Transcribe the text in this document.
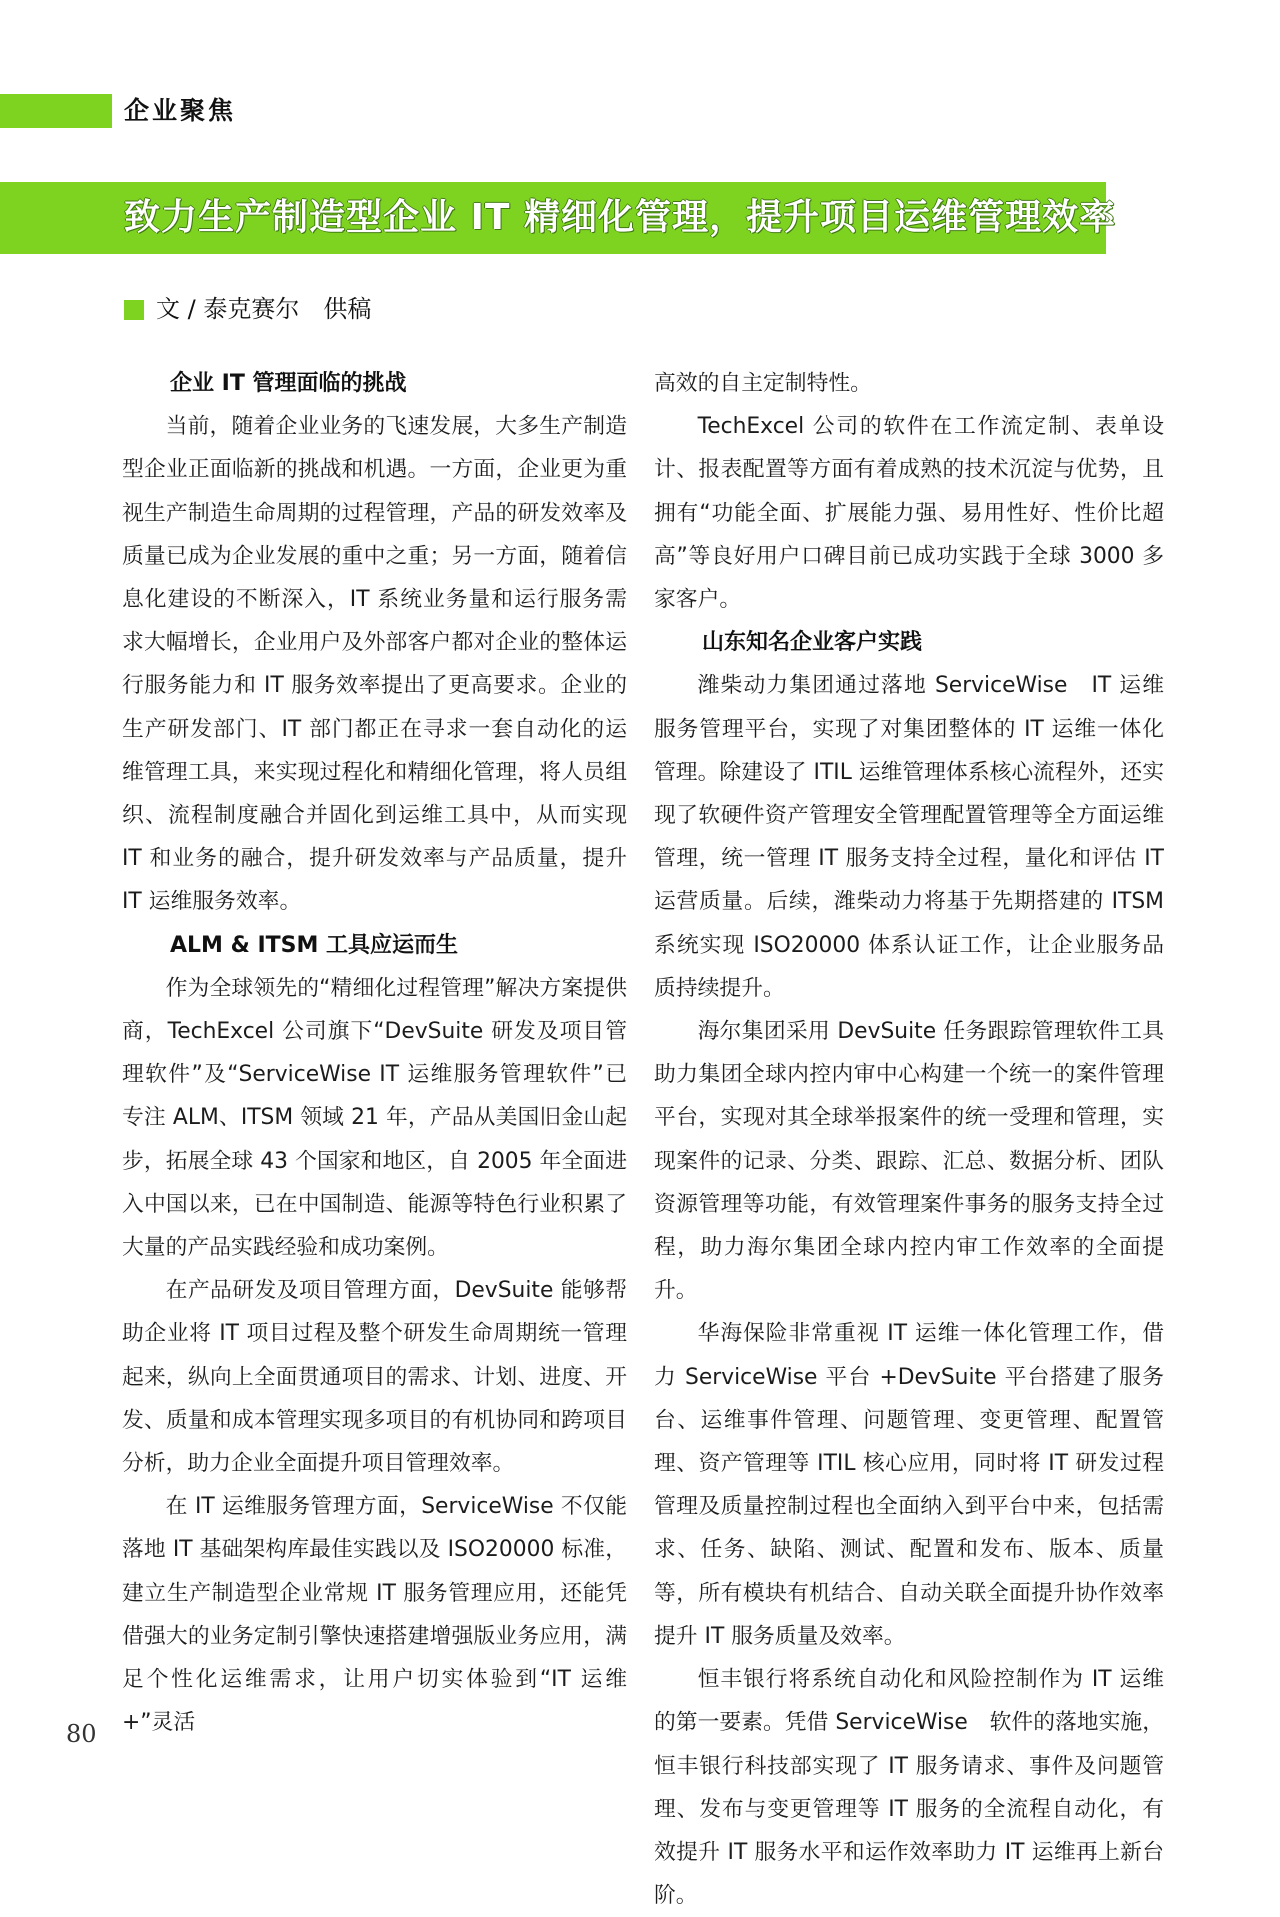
企业聚焦
致力生产制造型企业 IT 精细化管理，提升项目运维管理效率
文 / 泰克赛尔　供稿
企业 IT 管理面临的挑战

当前，随着企业业务的飞速发展，大多生产制造型企业正面临新的挑战和机遇。一方面，企业更为重视生产制造生命周期的过程管理，产品的研发效率及质量已成为企业发展的重中之重；另一方面，随着信息化建设的不断深入，IT 系统业务量和运行服务需求大幅增长，企业用户及外部客户都对企业的整体运行服务能力和 IT 服务效率提出了更高要求。企业的生产研发部门、IT 部门都正在寻求一套自动化的运维管理工具，来实现过程化和精细化管理，将人员组织、流程制度融合并固化到运维工具中，从而实现 IT 和业务的融合，提升研发效率与产品质量，提升 IT 运维服务效率。

ALM & ITSM 工具应运而生

作为全球领先的“精细化过程管理”解决方案提供商，TechExcel 公司旗下“DevSuite 研发及项目管理软件”及“ServiceWise IT 运维服务管理软件”已专注 ALM、ITSM 领域 21 年，产品从美国旧金山起步，拓展全球 43 个国家和地区，自 2005 年全面进入中国以来，已在中国制造、能源等特色行业积累了大量的产品实践经验和成功案例。

在产品研发及项目管理方面，DevSuite 能够帮助企业将 IT 项目过程及整个研发生命周期统一管理起来，纵向上全面贯通项目的需求、计划、进度、开发、质量和成本管理实现多项目的有机协同和跨项目分析，助力企业全面提升项目管理效率。

在 IT 运维服务管理方面，ServiceWise 不仅能落地 IT 基础架构库最佳实践以及 ISO20000 标准，建立生产制造型企业常规 IT 服务管理应用，还能凭借强大的业务定制引擎快速搭建增强版业务应用，满足个性化运维需求，让用户切实体验到“IT 运维 +”灵活

高效的自主定制特性。

TechExcel 公司的软件在工作流定制、表单设计、报表配置等方面有着成熟的技术沉淀与优势，且拥有“功能全面、扩展能力强、易用性好、性价比超高”等良好用户口碑目前已成功实践于全球 3000 多家客户。

山东知名企业客户实践

潍柴动力集团通过落地 ServiceWise　IT 运维服务管理平台，实现了对集团整体的 IT 运维一体化管理。除建设了 ITIL 运维管理体系核心流程外，还实现了软硬件资产管理安全管理配置管理等全方面运维管理，统一管理 IT 服务支持全过程，量化和评估 IT 运营质量。后续，潍柴动力将基于先期搭建的 ITSM 系统实现 ISO20000 体系认证工作，让企业服务品质持续提升。

海尔集团采用 DevSuite 任务跟踪管理软件工具助力集团全球内控内审中心构建一个统一的案件管理平台，实现对其全球举报案件的统一受理和管理，实现案件的记录、分类、跟踪、汇总、数据分析、团队资源管理等功能，有效管理案件事务的服务支持全过程，助力海尔集团全球内控内审工作效率的全面提升。

华海保险非常重视 IT 运维一体化管理工作，借力 ServiceWise 平台 +DevSuite 平台搭建了服务台、运维事件管理、问题管理、变更管理、配置管理、资产管理等 ITIL 核心应用，同时将 IT 研发过程管理及质量控制过程也全面纳入到平台中来，包括需求、任务、缺陷、测试、配置和发布、版本、质量等，所有模块有机结合、自动关联全面提升协作效率提升 IT 服务质量及效率。

恒丰银行将系统自动化和风险控制作为 IT 运维的第一要素。凭借 ServiceWise　软件的落地实施，恒丰银行科技部实现了 IT 服务请求、事件及问题管理、发布与变更管理等 IT 服务的全流程自动化，有效提升 IT 服务水平和运作效率助力 IT 运维再上新台阶。

80
